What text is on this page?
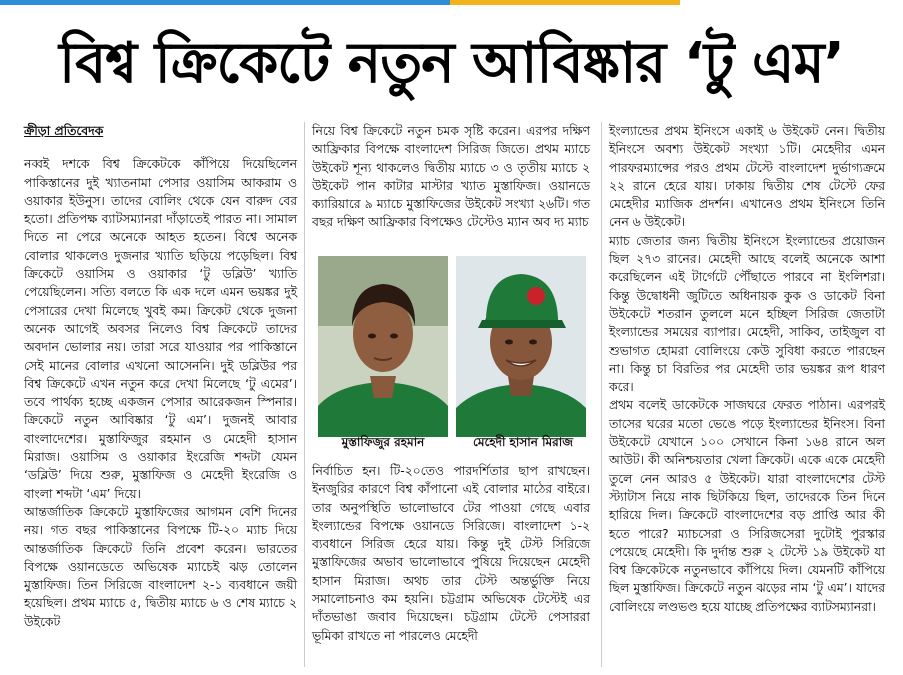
বিশ্ব ক্রিকেটে নতুন আবিষ্কার ‘টু এম’

ক্রীড়া প্রতিবেদক

নব্বই দশকে বিশ্ব ক্রিকেটকে কাঁপিয়ে দিয়েছিলেন পাকিস্তানের দুই খ্যাতনামা পেসার ওয়াসিম আকরাম ও ওয়াকার ইউনুস। তাদের বোলিং থেকে যেন বারুদ বের হতো। প্রতিপক্ষ ব্যাটসম্যানরা দাঁড়াতেই পারত না। সামাল দিতে না পেরে অনেকে আহত হতেন। বিশ্বে অনেক বোলার থাকলেও দুজনার খ্যাতি ছড়িয়ে পড়েছিল। বিশ্ব ক্রিকেটে ওয়াসিম ও ওয়াকার ‘টু ডব্লিউ’ খ্যাতি পেয়েছিলেন। সত্যি বলতে কি এক দলে এমন ভয়ঙ্কর দুই পেসারের দেখা মিলেছে খুবই কম। ক্রিকেট থেকে দুজনা অনেক আগেই অবসর নিলেও বিশ্ব ক্রিকেটে তাদের অবদান ভোলার নয়। তারা সরে যাওয়ার পর পাকিস্তানে সেই মানের বোলার এখনো আসেননি। দুই ডব্লিউর পর বিশ্ব ক্রিকেটে এখন নতুন করে দেখা মিলেছে ‘টু এমের’। তবে পার্থক্য হচ্ছে একজন পেসার আরেকজন স্পিনার। ক্রিকেটে নতুন আবিষ্কার ‘টু এম’। দুজনই আবার বাংলাদেশের। মুস্তাফিজুর রহমান ও মেহেদী হাসান মিরাজ। ওয়াসিম ও ওয়াকার ইংরেজি শব্দটা যেমন ‘ডব্লিউ’ দিয়ে শুরু, মুস্তাফিজ ও মেহেদী ইংরেজি ও বাংলা শব্দটা ‘এম’ দিয়ে।

আন্তর্জাতিক ক্রিকেটে মুস্তাফিজের আগমন বেশি দিনের নয়। গত বছর পাকিস্তানের বিপক্ষে টি-২০ ম্যাচ দিয়ে আন্তর্জাতিক ক্রিকেটে তিনি প্রবেশ করেন। ভারতের বিপক্ষে ওয়ানডেতে অভিষেক ম্যাচেই ঝড় তোলেন মুস্তাফিজ। তিন সিরিজে বাংলাদেশ ২-১ ব্যবধানে জয়ী হয়েছিল। প্রথম ম্যাচে ৫, দ্বিতীয় ম্যাচে ৬ ও শেষ ম্যাচে ২ উইকেট

নিয়ে বিশ্ব ক্রিকেটে নতুন চমক সৃষ্টি করেন। এরপর দক্ষিণ আফ্রিকার বিপক্ষে বাংলাদেশ সিরিজ জিতে। প্রথম ম্যাচে উইকেট শূন্য থাকলেও দ্বিতীয় ম্যাচে ৩ ও তৃতীয় ম্যাচে ২ উইকেট পান কাটার মাস্টার খ্যাত মুস্তাফিজ। ওয়ানডে ক্যারিয়ারে ৯ ম্যাচে মুস্তাফিজের উইকেট সংখ্যা ২৬টি। গত বছর দক্ষিণ আফ্রিকার বিপক্ষেও টেস্টেও ম্যান অব দ্য ম্যাচ

মুস্তাফিজুর রহমান	মেহেদী হাসান মিরাজ

নির্বাচিত হন। টি-২০তেও পারদর্শিতার ছাপ রাখছেন। ইনজুরির কারণে বিশ্ব কাঁপানো এই বোলার মাঠের বাইরে। তার অনুপস্থিতি ভালোভাবে টের পাওয়া গেছে এবার ইংল্যান্ডের বিপক্ষে ওয়ানডে সিরিজে। বাংলাদেশ ১-২ ব্যবধানে সিরিজ হেরে যায়। কিন্তু দুই টেস্ট সিরিজে মুস্তাফিজের অভাব ভালোভাবে পুষিয়ে দিয়েছেন মেহেদী হাসান মিরাজ। অথচ তার টেস্ট অন্তর্ভুক্তি নিয়ে সমালোচনাও কম হয়নি। চট্টগ্রাম অভিষেক টেস্টেই এর দাঁতভাঙা জবাব দিয়েছেন। চট্টগ্রাম টেস্টে পেসাররা ভূমিকা রাখতে না পারলেও মেহেদী

ইংল্যান্ডের প্রথম ইনিংসে একাই ৬ উইকেট নেন। দ্বিতীয় ইনিংসে অবশ্য উইকেট সংখ্যা ১টি। মেহেদীর এমন পারফরম্যান্সের পরও প্রথম টেস্টে বাংলাদেশ দুর্ভাগ্যক্রমে ২২ রানে হেরে যায়। ঢাকায় দ্বিতীয় শেষ টেস্টে ফের মেহেদীর ম্যাজিক প্রদর্শন। এখানেও প্রথম ইনিংসে তিনি নেন ৬ উইকেট।

ম্যাচ জেতার জন্য দ্বিতীয় ইনিংসে ইংল্যান্ডের প্রয়োজন ছিল ২৭৩ রানের। মেহেদী আছে বলেই অনেকে আশা করেছিলেন এই টার্গেটে পৌঁছাতে পারবে না ইংলিশরা। কিন্তু উদ্বোধনী জুটিতে অধিনায়ক কুক ও ডাকেট বিনা উইকেটে শতরান তুললে মনে হচ্ছিল সিরিজ জেতাটা ইংল্যান্ডের সময়ের ব্যাপার। মেহেদী, সাকিব, তাইজুল বা শুভাগত হোমরা বোলিংয়ে কেউ সুবিধা করতে পারছেন না। কিন্তু চা বিরতির পর মেহেদী তার ভয়ঙ্কর রূপ ধারণ করে।

প্রথম বলেই ডাকেটকে সাজঘরে ফেরত পাঠান। এরপরই তাসের ঘরের মতো ভেঙে পড়ে ইংল্যান্ডের ইনিংস। বিনা উইকেটে যেখানে ১০০ সেখানে কিনা ১৬৪ রানে অল আউট। কী অনিশ্চয়তার খেলা ক্রিকেট। একে একে মেহেদী তুলে নেন আরও ৫ উইকেট। যারা বাংলাদেশের টেস্ট স্ট্যাটাস নিয়ে নাক ছিটকিয়ে ছিল, তাদেরকে তিন দিনে হারিয়ে দিল। ক্রিকেটে বাংলাদেশের বড় প্রাপ্তি আর কী হতে পারে? ম্যাচসেরা ও সিরিজসেরা দুটোই পুরস্কার পেয়েছে মেহেদী। কি দুর্দান্ত শুরু ২ টেস্টে ১৯ উইকেট যা বিশ্ব ক্রিকেটকে নতুনভাবে কাঁপিয়ে দিল। যেমনটি কাঁপিয়ে ছিল মুস্তাফিজ। ক্রিকেটে নতুন ঝড়ের নাম ‘টু এম’। যাদের বোলিংয়ে লণ্ডভণ্ড হয়ে যাচ্ছে প্রতিপক্ষের ব্যাটসম্যানরা।
